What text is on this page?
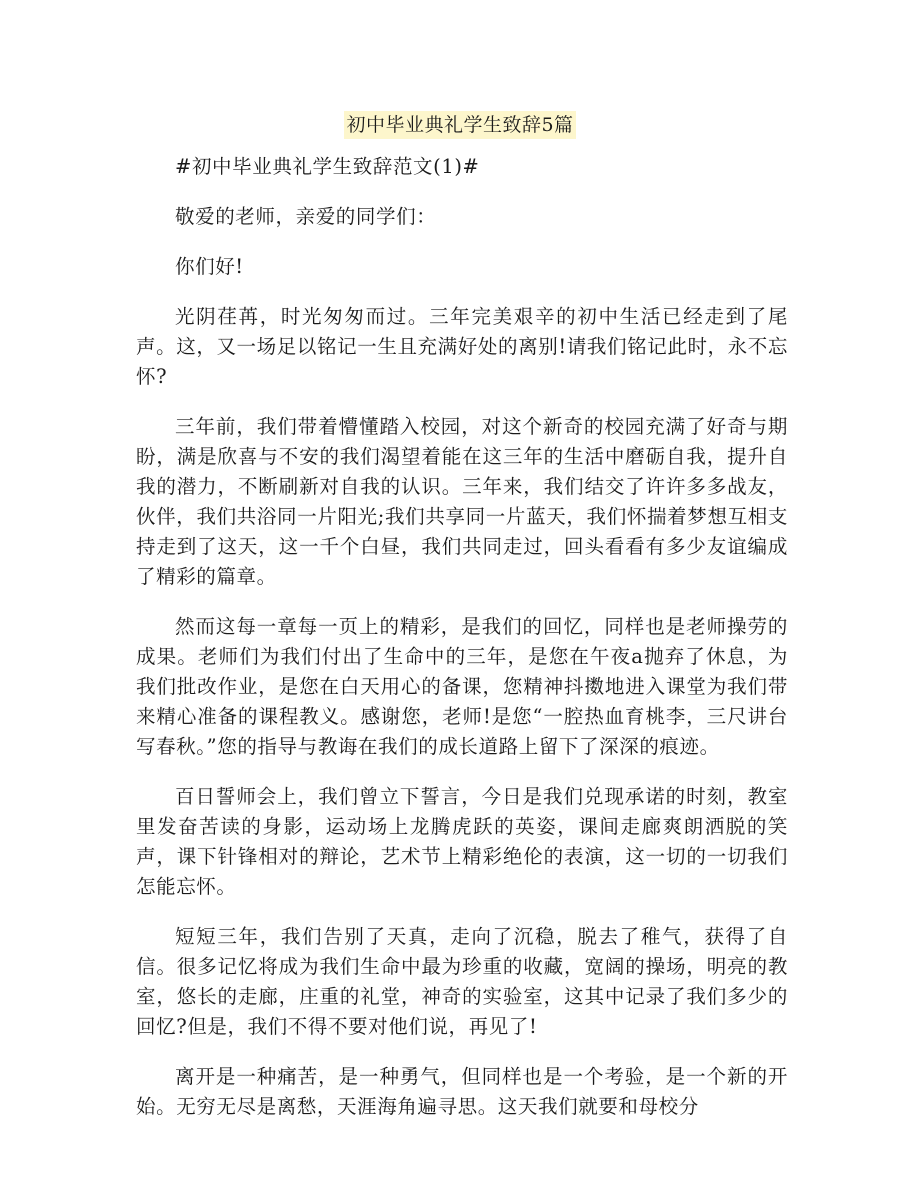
初中毕业典礼学生致辞5篇

#初中毕业典礼学生致辞范文(1)#

敬爱的老师，亲爱的同学们：

你们好!

光阴荏苒，时光匆匆而过。三年完美艰辛的初中生活已经走到了尾声。这，又一场足以铭记一生且充满好处的离别!请我们铭记此时，永不忘怀?

三年前，我们带着懵懂踏入校园，对这个新奇的校园充满了好奇与期盼，满是欣喜与不安的我们渴望着能在这三年的生活中磨砺自我，提升自我的潜力，不断刷新对自我的认识。三年来，我们结交了许许多多战友，伙伴，我们共浴同一片阳光;我们共享同一片蓝天，我们怀揣着梦想互相支持走到了这天，这一千个白昼，我们共同走过，回头看看有多少友谊编成了精彩的篇章。

然而这每一章每一页上的精彩，是我们的回忆，同样也是老师操劳的成果。老师们为我们付出了生命中的三年，是您在午夜a抛弃了休息，为我们批改作业，是您在白天用心的备课，您精神抖擞地进入课堂为我们带来精心准备的课程教义。感谢您，老师!是您“一腔热血育桃李，三尺讲台写春秋。”您的指导与教诲在我们的成长道路上留下了深深的痕迹。

百日誓师会上，我们曾立下誓言，今日是我们兑现承诺的时刻，教室里发奋苦读的身影，运动场上龙腾虎跃的英姿，课间走廊爽朗洒脱的笑声，课下针锋相对的辩论，艺术节上精彩绝伦的表演，这一切的一切我们怎能忘怀。

短短三年，我们告别了天真，走向了沉稳，脱去了稚气，获得了自信。很多记忆将成为我们生命中最为珍重的收藏，宽阔的操场，明亮的教室，悠长的走廊，庄重的礼堂，神奇的实验室，这其中记录了我们多少的回忆?但是，我们不得不要对他们说，再见了!

离开是一种痛苦，是一种勇气，但同样也是一个考验，是一个新的开始。无穷无尽是离愁，天涯海角遍寻思。这天我们就要和母校分
